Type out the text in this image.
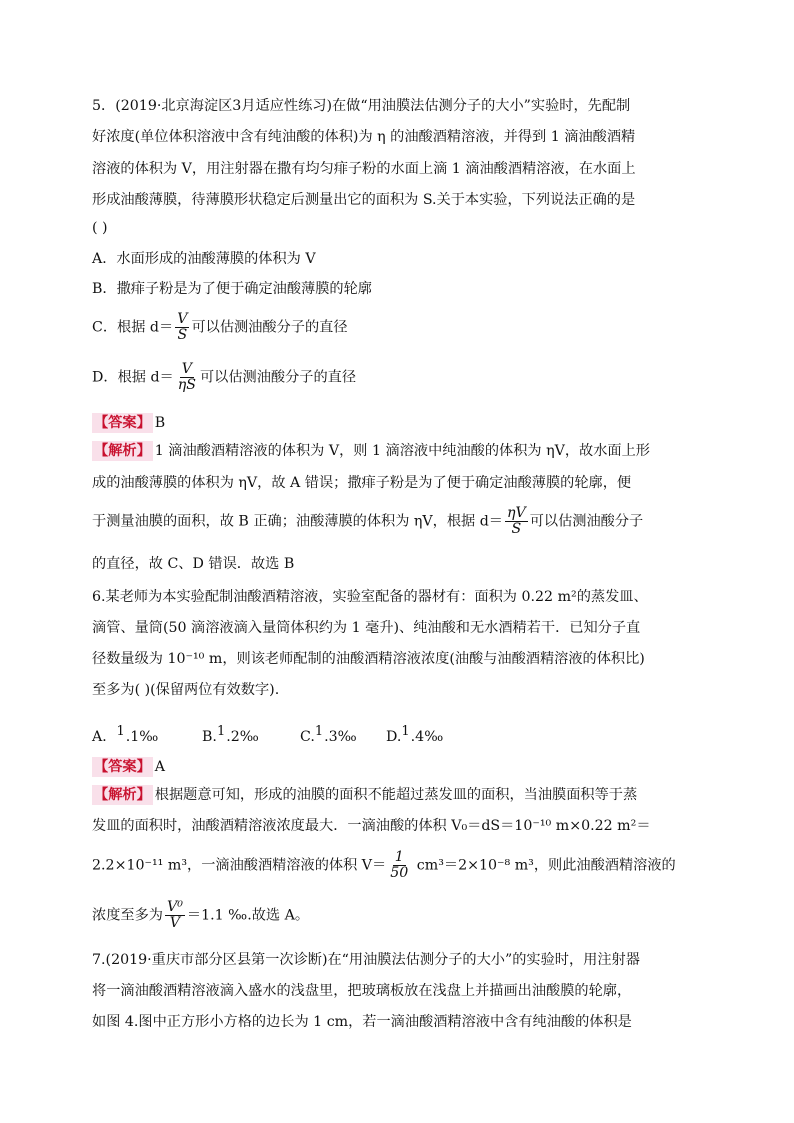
5．(2019·北京海淀区3月适应性练习)在做“用油膜法估测分子的大小”实验时，先配制
好浓度(单位体积溶液中含有纯油酸的体积)为 η 的油酸酒精溶液，并得到 1 滴油酸酒精
溶液的体积为 V，用注射器在撒有均匀痱子粉的水面上滴 1 滴油酸酒精溶液，在水面上
形成油酸薄膜，待薄膜形状稳定后测量出它的面积为 S.关于本实验，下列说法正确的是
( )
A．水面形成的油酸薄膜的体积为 V
B．撒痱子粉是为了便于确定油酸薄膜的轮廓
C．根据 $d= \frac{V}{S}$ 可以估测油酸分子的直径
D．根据 $d= \frac{V}{\eta S}$ 可以估测油酸分子的直径
【答案】 B
【解析】 1 滴油酸酒精溶液的体积为 V，则 1 滴溶液中纯油酸的体积为 ηV，故水面上形
成的油酸薄膜的体积为 ηV，故 A 错误；撒痱子粉是为了便于确定油酸薄膜的轮廓，便
于测量油膜的面积，故 B 正确；油酸薄膜的体积为 ηV，根据 $d= \frac{\eta V}{S}$ 可以估测油酸分子
的直径，故 C、D 错误．故选 B
6.某老师为本实验配制油酸酒精溶液，实验室配备的器材有：面积为 0.22 m²的蒸发皿、
滴管、量筒(50 滴溶液滴入量筒体积约为 1 毫升)、纯油酸和无水酒精若干．已知分子直
径数量级为 10⁻¹⁰ m，则该老师配制的油酸酒精溶液浓度(油酸与油酸酒精溶液的体积比)
至多为( )(保留两位有效数字).
A．1.1‰	B.1.2‰	C.1.3‰ D.1.4‰
【答案】 A
【解析】 根据题意可知，形成的油膜的面积不能超过蒸发皿的面积，当油膜面积等于蒸
发皿的面积时，油酸酒精溶液浓度最大．一滴油酸的体积 V₀＝dS＝10⁻¹⁰ m×0.22 m²＝
2.2×10⁻¹¹ m³，一滴油酸酒精溶液的体积 $V= \frac{1}{50} cm^3=2\times 10^{-8}$ m³，则此油酸酒精溶液的
浓度至多为 $\frac{\text{V⁰}}{V} =1.1$ ‰.故选 A。
7.(2019·重庆市部分区县第一次诊断)在“用油膜法估测分子的大小”的实验时，用注射器
将一滴油酸酒精溶液滴入盛水的浅盘里，把玻璃板放在浅盘上并描画出油酸膜的轮廓，
如图 4.图中正方形小方格的边长为 1 cm，若一滴油酸酒精溶液中含有纯油酸的体积是
